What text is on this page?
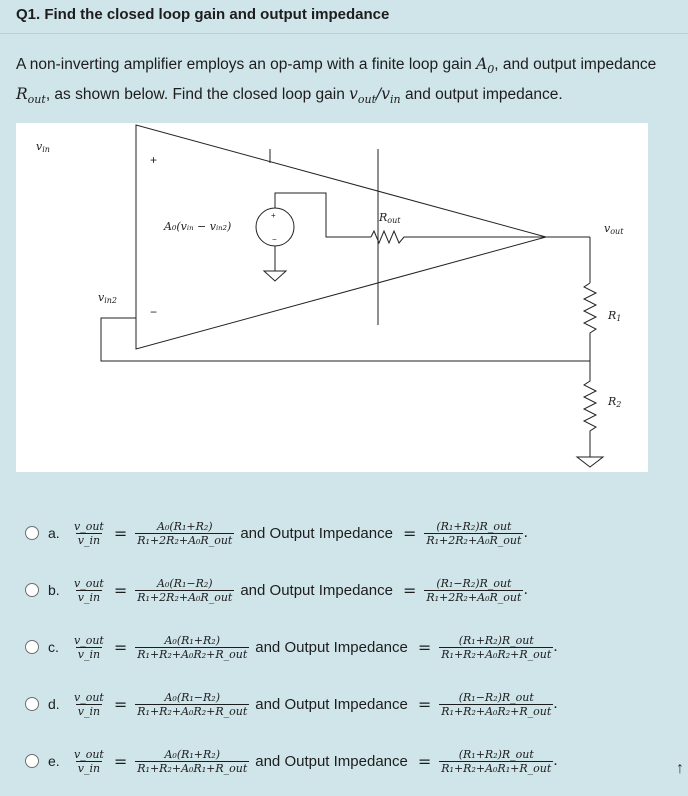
Q1. Find the closed loop gain and output impedance
A non-inverting amplifier employs an op-amp with a finite loop gain $A_0$, and output impedance $R_{out}$, as shown below. Find the closed loop gain $v_{out}/v_{in}$ and output impedance.
vin
vin2
+
−
A₀(vᵢₙ − vᵢₙ₂)
+
−
Rout
vout
R1
R2
a.	$\frac{\text{v\_out}}{v\_in} = \frac{\text{A₀(R₁+R₂)}}{\text{R₁+2R₂+A₀R\_out}}$ and Output Impedance = $\frac{\text{(R₁+R₂)R\_out}}{\text{R₁+2R₂+A₀R\_out}}$ .
b.	$\frac{\text{v\_out}}{v\_in} = \frac{\text{A₀(R₁−R₂)}}{\text{R₁+2R₂+A₀R\_out}}$ and Output Impedance = $\frac{\text{(R₁−R₂)R\_out}}{\text{R₁+2R₂+A₀R\_out}}$ .
c.	$\frac{\text{v\_out}}{v\_in} = \frac{\text{A₀(R₁+R₂)}}{\text{R₁+R₂+A₀R₂+R\_out}}$ and Output Impedance = $\frac{\text{(R₁+R₂)R\_out}}{\text{R₁+R₂+A₀R₂+R\_out}}$ .
d.	$\frac{\text{v\_out}}{v\_in} = \frac{\text{A₀(R₁−R₂)}}{\text{R₁+R₂+A₀R₂+R\_out}}$ and Output Impedance = $\frac{\text{(R₁−R₂)R\_out}}{\text{R₁+R₂+A₀R₂+R\_out}}$ .
e.	$\frac{\text{v\_out}}{v\_in} = \frac{\text{A₀(R₁+R₂)}}{\text{R₁+R₂+A₀R₁+R\_out}}$ and Output Impedance = $\frac{\text{(R₁+R₂)R\_out}}{\text{R₁+R₂+A₀R₁+R\_out}}$ .	↑
